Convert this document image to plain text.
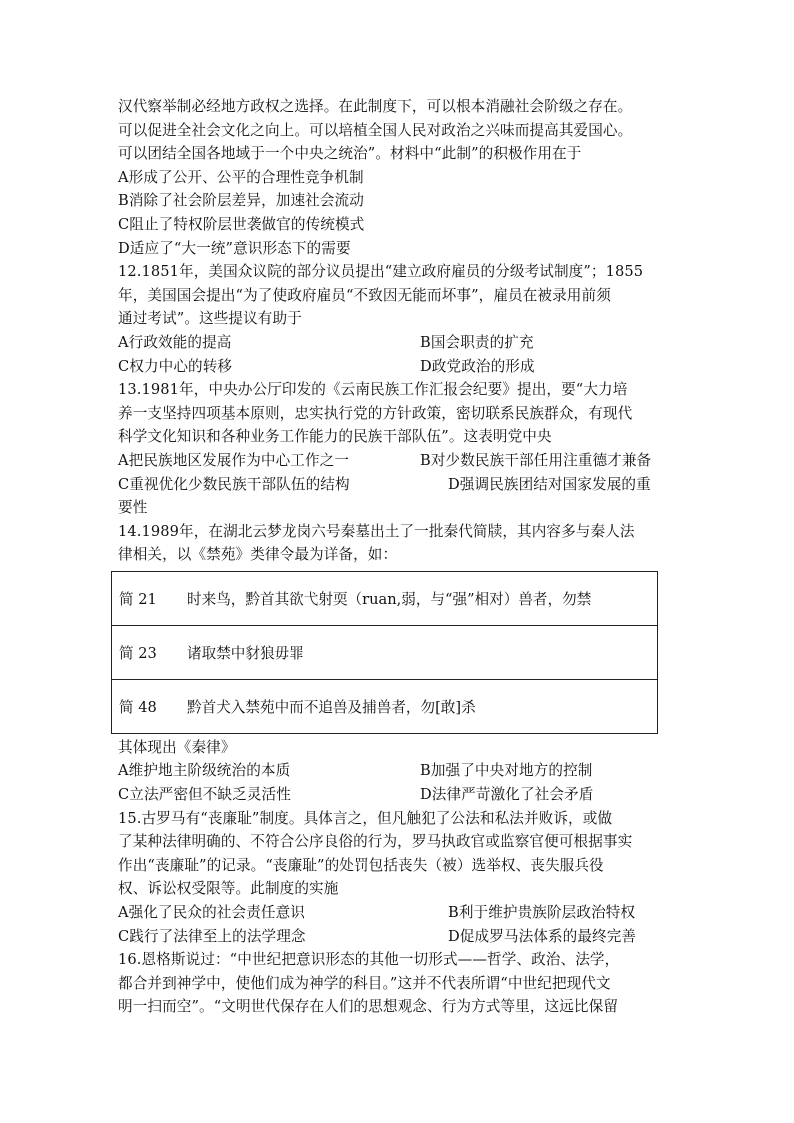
汉代察举制必经地方政权之选择。在此制度下，可以根本消融社会阶级之存在。
可以促进全社会文化之向上。可以培植全国人民对政治之兴味而提高其爱国心。
可以团结全国各地域于一个中央之统治”。材料中“此制”的积极作用在于
A形成了公开、公平的合理性竞争机制
B消除了社会阶层差异，加速社会流动
C阻止了特权阶层世袭做官的传统模式
D适应了“大一统”意识形态下的需要
12.1851年，美国众议院的部分议员提出“建立政府雇员的分级考试制度”；1855
年，美国国会提出“为了使政府雇员“不致因无能而坏事”，雇员在被录用前须
通过考试”。这些提议有助于
A行政效能的提高	B国会职责的扩充
C权力中心的转移	D政党政治的形成
13.1981年，中央办公厅印发的《云南民族工作汇报会纪要》提出，要“大力培
养一支坚持四项基本原则，忠实执行党的方针政策，密切联系民族群众，有现代
科学文化知识和各种业务工作能力的民族干部队伍”。这表明党中央
A把民族地区发展作为中心工作之一	B对少数民族干部任用注重德才兼备
C重视优化少数民族干部队伍的结构	D强调民族团结对国家发展的重
要性
14.1989年，在湖北云梦龙岗六号秦墓出土了一批秦代简牍，其内容多与秦人法
律相关，以《禁苑》类律令最为详备，如：
简 21	时来鸟，黔首其欲弋射耎（ruan,弱，与“强”相对）兽者，勿禁
简 23	诸取禁中豺狼毋罪
简 48	黔首犬入禁苑中而不追兽及捕兽者，勿[敢]杀
其体现出《秦律》
A维护地主阶级统治的本质	B加强了中央对地方的控制
C立法严密但不缺乏灵活性	D法律严苛激化了社会矛盾
15.古罗马有“丧廉耻”制度。具体言之，但凡触犯了公法和私法并败诉，或做
了某种法律明确的、不符合公序良俗的行为，罗马执政官或监察官便可根据事实
作出“丧廉耻”的记录。“丧廉耻”的处罚包括丧失（被）选举权、丧失服兵役
权、诉讼权受限等。此制度的实施
A强化了民众的社会责任意识	B利于维护贵族阶层政治特权
C践行了法律至上的法学理念	D促成罗马法体系的最终完善
16.恩格斯说过：“中世纪把意识形态的其他一切形式——哲学、政治、法学，
都合并到神学中，使他们成为神学的科目。”这并不代表所谓“中世纪把现代文
明一扫而空”。“文明世代保存在人们的思想观念、行为方式等里，这远比保留
